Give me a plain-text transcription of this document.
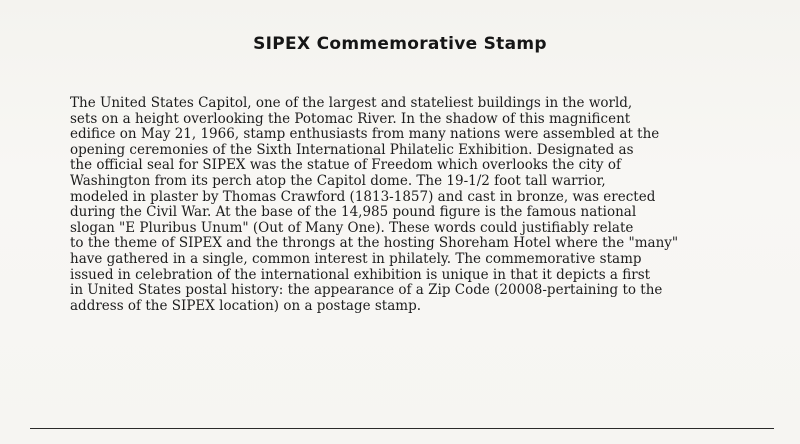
SIPEX Commemorative Stamp

The United States Capitol, one of the largest and stateliest buildings in the world,
sets on a height overlooking the Potomac River. In the shadow of this magnificent
edifice on May 21, 1966, stamp enthusiasts from many nations were assembled at the
opening ceremonies of the Sixth International Philatelic Exhibition. Designated as
the official seal for SIPEX was the statue of Freedom which overlooks the city of
Washington from its perch atop the Capitol dome. The 19-1/2 foot tall warrior,
modeled in plaster by Thomas Crawford (1813-1857) and cast in bronze, was erected
during the Civil War. At the base of the 14,985 pound figure is the famous national
slogan "E Pluribus Unum" (Out of Many One). These words could justifiably relate
to the theme of SIPEX and the throngs at the hosting Shoreham Hotel where the "many"
have gathered in a single, common interest in philately. The commemorative stamp
issued in celebration of the international exhibition is unique in that it depicts a first
in United States postal history: the appearance of a Zip Code (20008-pertaining to the
address of the SIPEX location) on a postage stamp.
